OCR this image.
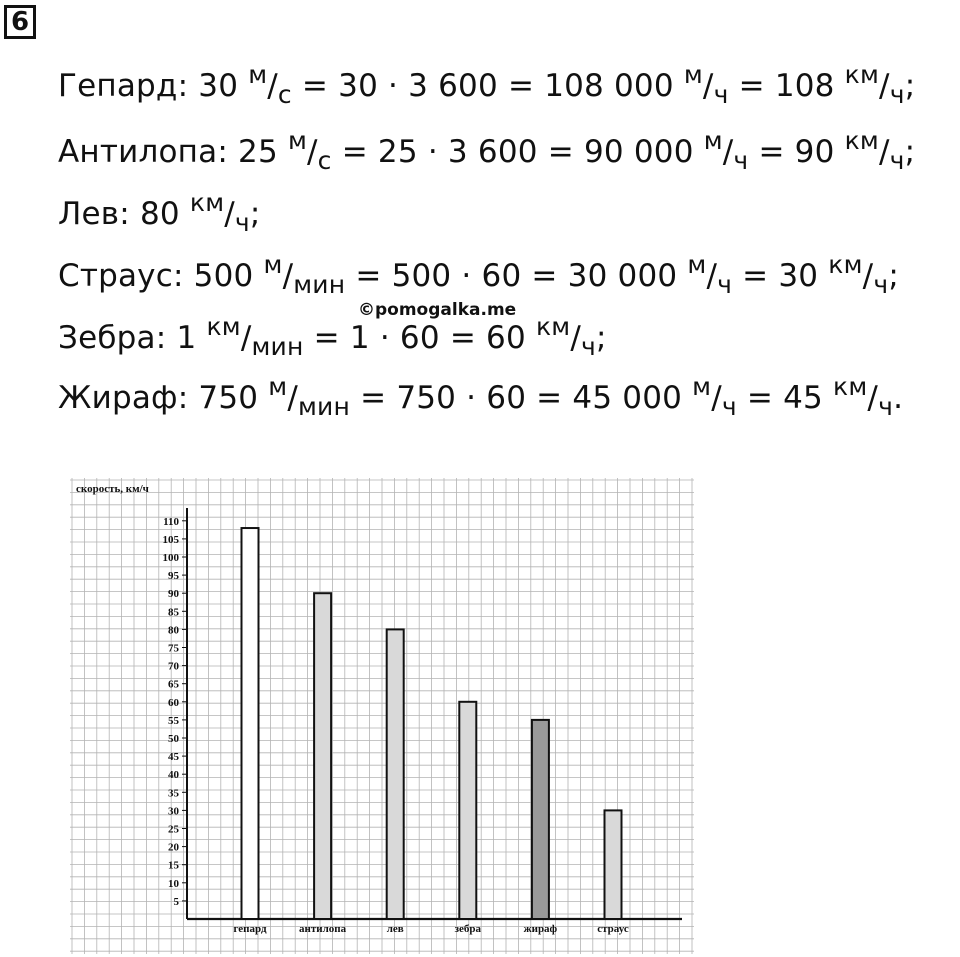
6
Гепард: 30 $^м/_с = 30 \cdot 3$ 600 = 108 000 $^м/_ч = 108$ $^{км}/_ч$;
Антилопа: 25 $^м/_с = 25 \cdot 3$ 600 = 90 000 $^м/_ч = 90$ $^{км}/_ч$;
Лев: 80 $^{км}/_ч$;
Страус: 500 $^м/_{мин} = 500 \cdot 60 = 30$ 000 $^м/_ч = 30$ $^{км}/_ч$;
Зебра: 1 $^{км}/_{мин} = 1 \cdot 60 = 60$ $^{км}/_ч$;
Жираф: 750 $^м/_{мин} = 750 \cdot 60 = 45$ 000 $^м/_ч = 45$ $^{км}/_ч$.
©pomogalka.me
скорость, км/ч
5
10
15
20
25
30
35
40
45
50
55
60
65
70
75
80
85
90
95
100
105
110
гепард	антилопа	лев	зебра	жираф	страус
